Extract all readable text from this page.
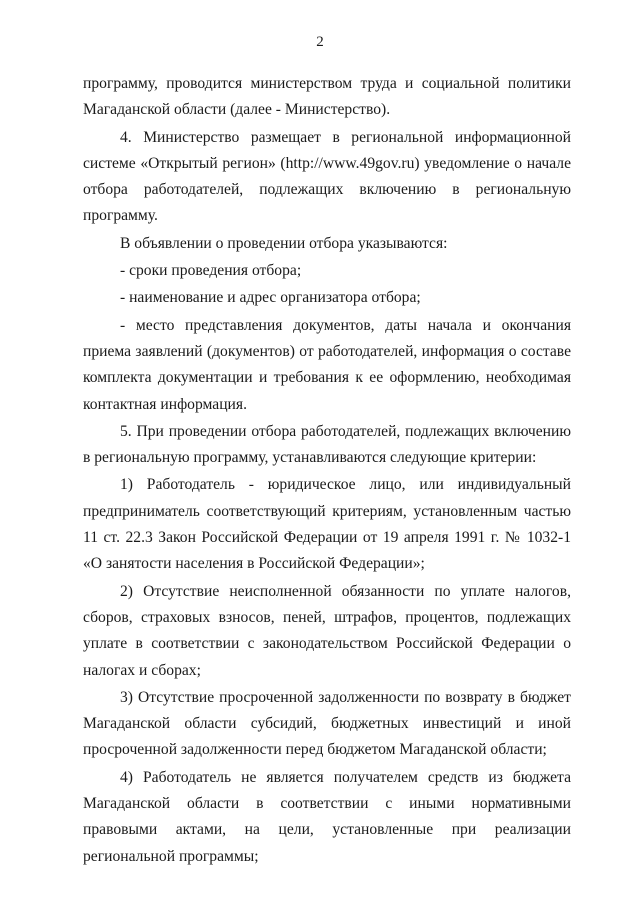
2

программу, проводится министерством труда и социальной политики Магаданской области (далее - Министерство).

4. Министерство размещает в региональной информационной системе «Открытый регион» (http://www.49gov.ru) уведомление о начале отбора работодателей, подлежащих включению в региональную программу.

В объявлении о проведении отбора указываются:

- сроки проведения отбора;

- наименование и адрес организатора отбора;

- место представления документов, даты начала и окончания приема заявлений (документов) от работодателей, информация о составе комплекта документации и требования к ее оформлению, необходимая контактная информация.

5. При проведении отбора работодателей, подлежащих включению в региональную программу, устанавливаются следующие критерии:

1) Работодатель - юридическое лицо, или индивидуальный предприниматель соответствующий критериям, установленным частью 11 ст. 22.3 Закон Российской Федерации от 19 апреля 1991 г. № 1032-1 «О занятости населения в Российской Федерации»;

2) Отсутствие неисполненной обязанности по уплате налогов, сборов, страховых взносов, пеней, штрафов, процентов, подлежащих уплате в соответствии с законодательством Российской Федерации о налогах и сборах;

3) Отсутствие просроченной задолженности по возврату в бюджет Магаданской области субсидий, бюджетных инвестиций и иной просроченной задолженности перед бюджетом Магаданской области;

4) Работодатель не является получателем средств из бюджета Магаданской области в соответствии с иными нормативными правовыми актами, на цели, установленные при реализации региональной программы;
